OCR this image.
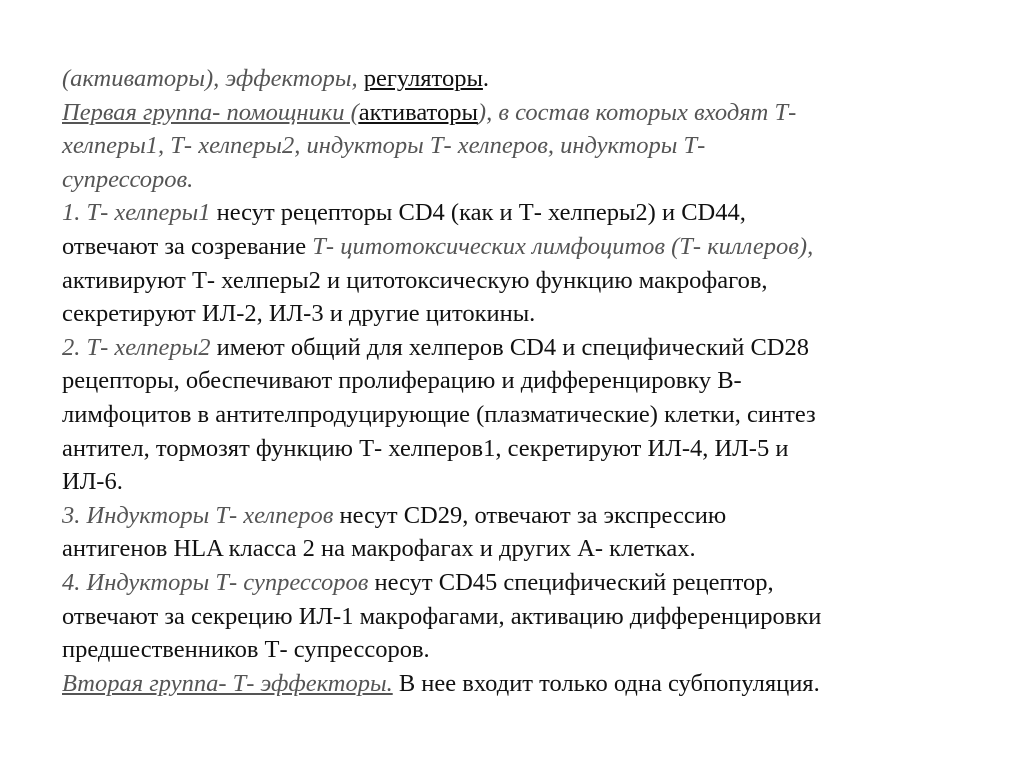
(активаторы), эффекторы, регуляторы.
Первая группа- помощники (активаторы), в состав которых входят Т-
хелперы1, Т- хелперы2, индукторы Т- хелперов, индукторы Т-
супрессоров.
1. Т- хелперы1 несут рецепторы CD4 (как и Т- хелперы2) и CD44,
отвечают за созревание Т- цитотоксических лимфоцитов (Т- киллеров),
активируют Т- хелперы2 и цитотоксическую функцию макрофагов,
секретируют ИЛ-2, ИЛ-3 и другие цитокины.
2. Т- хелперы2 имеют общий для хелперов CD4 и специфический CD28
рецепторы, обеспечивают пролиферацию и дифференцировку В-
лимфоцитов в антителпродуцирующие (плазматические) клетки, синтез
антител, тормозят функцию Т- хелперов1, секретируют ИЛ-4, ИЛ-5 и
ИЛ-6.
3. Индукторы Т- хелперов несут CD29, отвечают за экспрессию
антигенов HLA класса 2 на макрофагах и других А- клетках.
4. Индукторы Т- супрессоров несут CD45 специфический рецептор,
отвечают за секрецию ИЛ-1 макрофагами, активацию дифференцировки
предшественников Т- супрессоров.
Вторая группа- Т- эффекторы. В нее входит только одна субпопуляция.
